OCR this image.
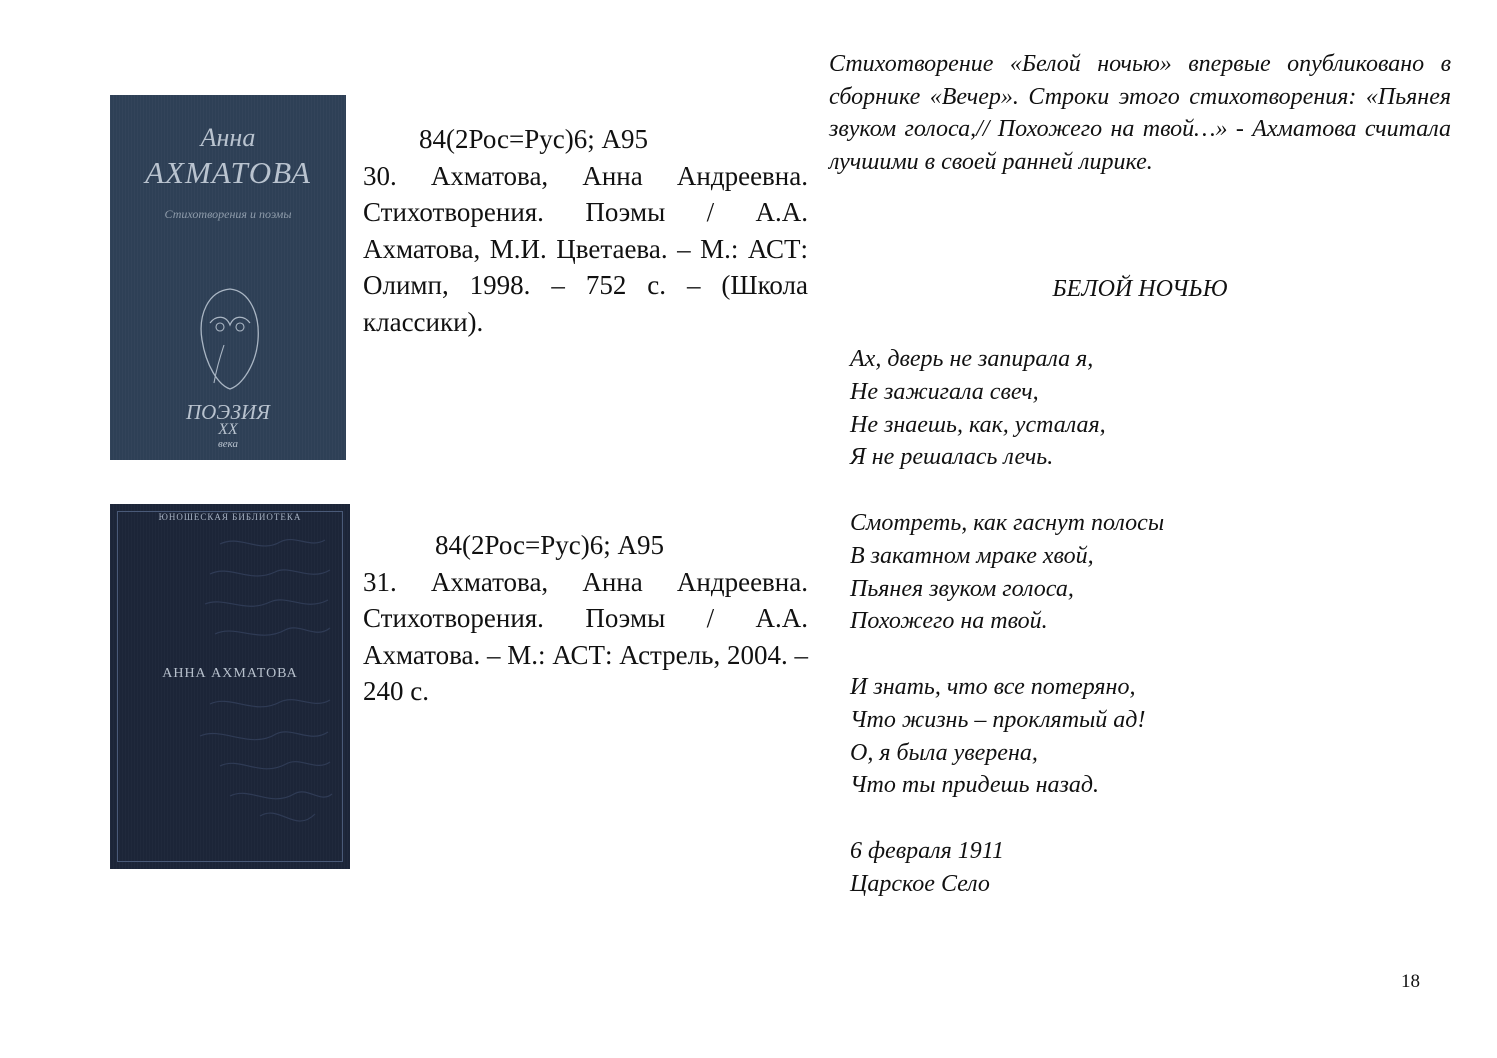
Анна
АХМАТОВА
Стихотворения и поэмы
ПОЭЗИЯ
XX
века
84(2Рос=Рус)6; А95
30. Ахматова, Анна Андреевна. Стихотворения. Поэмы / А.А. Ахматова, М.И. Цветаева. – М.: АСТ: Олимп, 1998. – 752 с. – (Школа классики).
ЮНОШЕСКАЯ БИБЛИОТЕКА
АННА АХМАТОВА
84(2Рос=Рус)6; А95
31. Ахматова, Анна Андреевна. Стихотворения. Поэмы / А.А. Ахматова. – М.: АСТ: Астрель, 2004. – 240 с.
Стихотворение «Белой ночью» впервые опубликовано в сборнике «Вечер». Строки этого стихотворения: «Пьянея звуком голоса,// Похожего на твой…» - Ахматова считала лучшими в своей ранней лирике.
БЕЛОЙ НОЧЬЮ
Ах, дверь не запирала я,
Не зажигала свеч,
Не знаешь, как, усталая,
Я не решалась лечь.
Смотреть, как гаснут полосы
В закатном мраке хвой,
Пьянея звуком голоса,
Похожего на твой.
И знать, что все потеряно,
Что жизнь – проклятый ад!
О, я была уверена,
Что ты придешь назад.
6 февраля 1911
Царское Село
18
